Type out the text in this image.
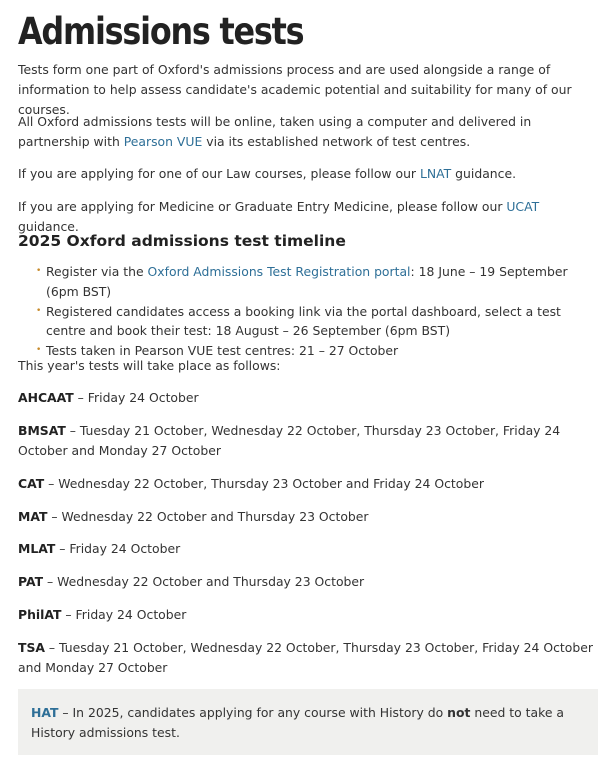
Admissions tests

Tests form one part of Oxford's admissions process and are used alongside a range of information to help assess candidate's academic potential and suitability for many of our courses.

All Oxford admissions tests will be online, taken using a computer and delivered in partnership with Pearson VUE via its established network of test centres.

If you are applying for one of our Law courses, please follow our LNAT guidance.

If you are applying for Medicine or Graduate Entry Medicine, please follow our UCAT guidance.

2025 Oxford admissions test timeline
• Register via the Oxford Admissions Test Registration portal: 18 June – 19 September (6pm BST)
• Registered candidates access a booking link via the portal dashboard, select a test centre and book their test: 18 August – 26 September (6pm BST)
• Tests taken in Pearson VUE test centres: 21 – 27 October

This year's tests will take place as follows:

AHCAAT – Friday 24 October

BMSAT – Tuesday 21 October, Wednesday 22 October, Thursday 23 October, Friday 24 October and Monday 27 October

CAT – Wednesday 22 October, Thursday 23 October and Friday 24 October

MAT – Wednesday 22 October and Thursday 23 October

MLAT – Friday 24 October

PAT – Wednesday 22 October and Thursday 23 October

PhilAT – Friday 24 October

TSA – Tuesday 21 October, Wednesday 22 October, Thursday 23 October, Friday 24 October and Monday 27 October

HAT – In 2025, candidates applying for any course with History do not need to take a History admissions test.
